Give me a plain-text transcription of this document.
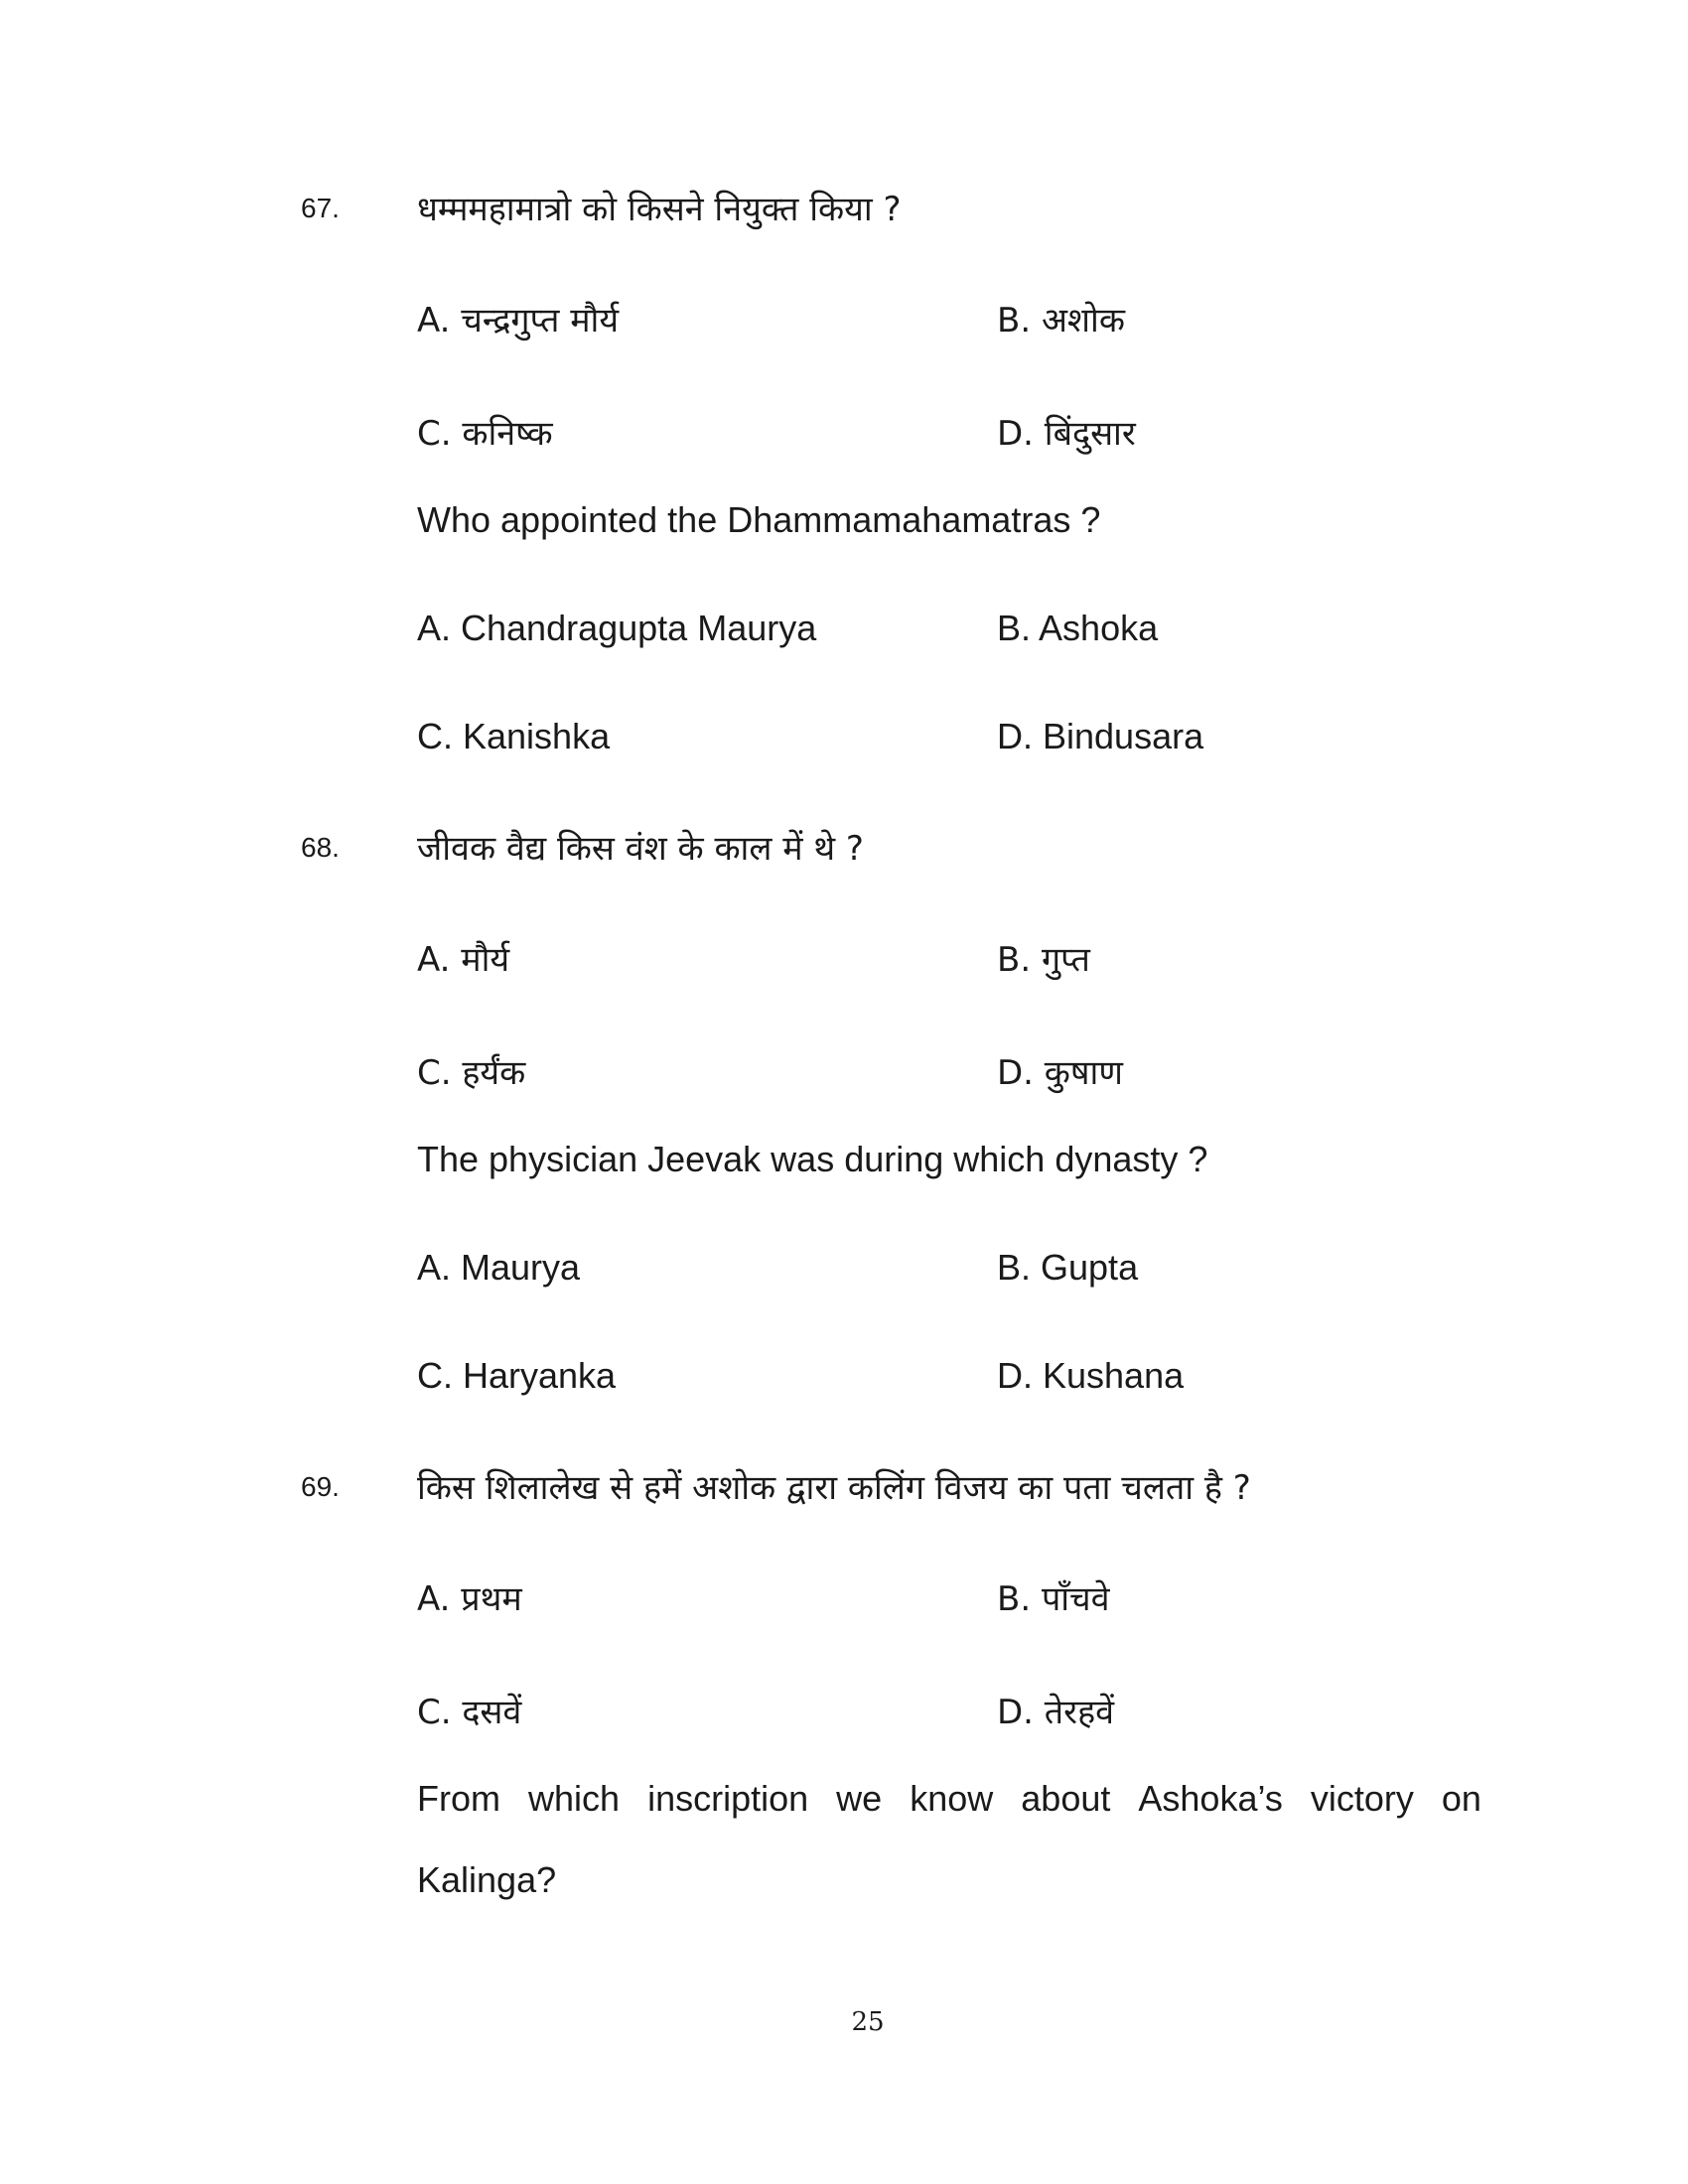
67. धम्ममहामात्रो को किसने नियुक्त किया ?
A. चन्द्रगुप्त मौर्य	B. अशोक
C. कनिष्क	D. बिंदुसार
Who appointed the Dhammamahamatras ?
A. Chandragupta Maurya	B. Ashoka
C. Kanishka	D. Bindusara
68. जीवक वैद्य किस वंश के काल में थे ?
A. मौर्य	B. गुप्त
C. हर्यंक	D. कुषाण
The physician Jeevak was during which dynasty ?
A. Maurya	B. Gupta
C. Haryanka	D. Kushana
69. किस शिलालेख से हमें अशोक द्वारा कलिंग विजय का पता चलता है ?
A. प्रथम	B. पाँचवे
C. दसवें	D. तेरहवें
From which inscription we know about Ashoka’s victory on
Kalinga?
25
